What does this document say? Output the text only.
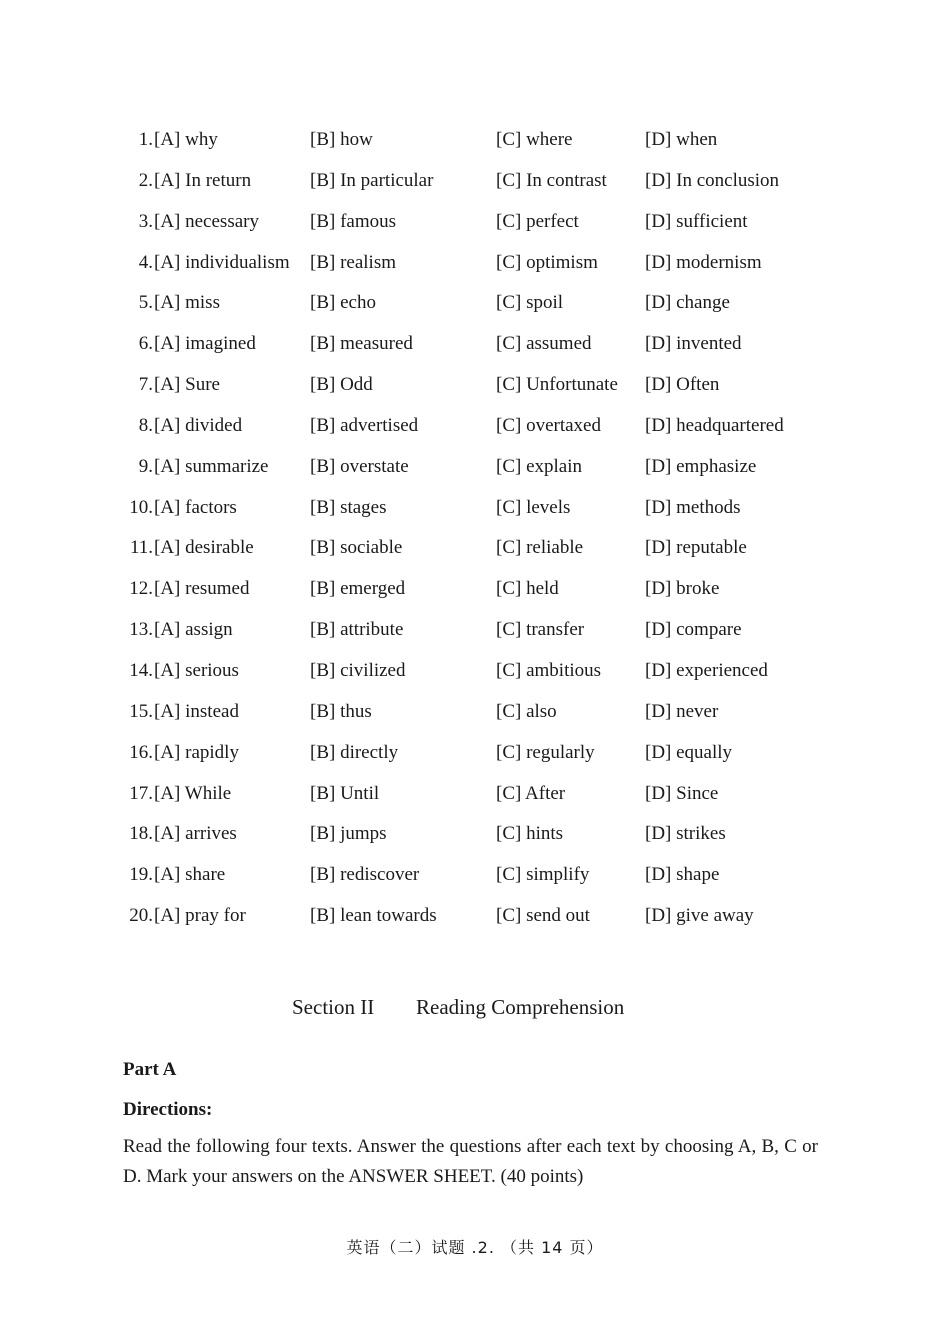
1. [A] why	[B] how	[C] where	[D] when
2. [A] In return	[B] In particular	[C] In contrast [D] In conclusion
3. [A] necessary	[B] famous	[C] perfect	[D] sufficient
4. [A] individualism [B] realism	[C] optimism [D] modernism
5. [A] miss	[B] echo	[C] spoil	[D] change
6. [A] imagined	[B] measured	[C] assumed	[D] invented
7. [A] Sure	[B] Odd	[C] Unfortunate [D] Often
8. [A] divided	[B] advertised	[C] overtaxed [D] headquartered
9. [A] summarize [B] overstate	[C] explain	[D] emphasize
10. [A] factors	[B] stages	[C] levels	[D] methods
11. [A] desirable	[B] sociable	[C] reliable	[D] reputable
12. [A] resumed	[B] emerged	[C] held	[D] broke
13. [A] assign	[B] attribute	[C] transfer	[D] compare
14. [A] serious	[B] civilized	[C] ambitious [D] experienced
15. [A] instead	[B] thus	[C] also	[D] never
16. [A] rapidly	[B] directly	[C] regularly	[D] equally
17. [A] While	[B] Until	[C] After	[D] Since
18. [A] arrives	[B] jumps	[C] hints	[D] strikes
19. [A] share	[B] rediscover	[C] simplify	[D] shape
20. [A] pray for	[B] lean towards	[C] send out	[D] give away
Section II Reading Comprehension
Part A
Directions:

Read the following four texts. Answer the questions after each text by choosing A, B, C or D. Mark your answers on the ANSWER SHEET. (40 points)

英语（二）试题 .2. （共 14 页）
